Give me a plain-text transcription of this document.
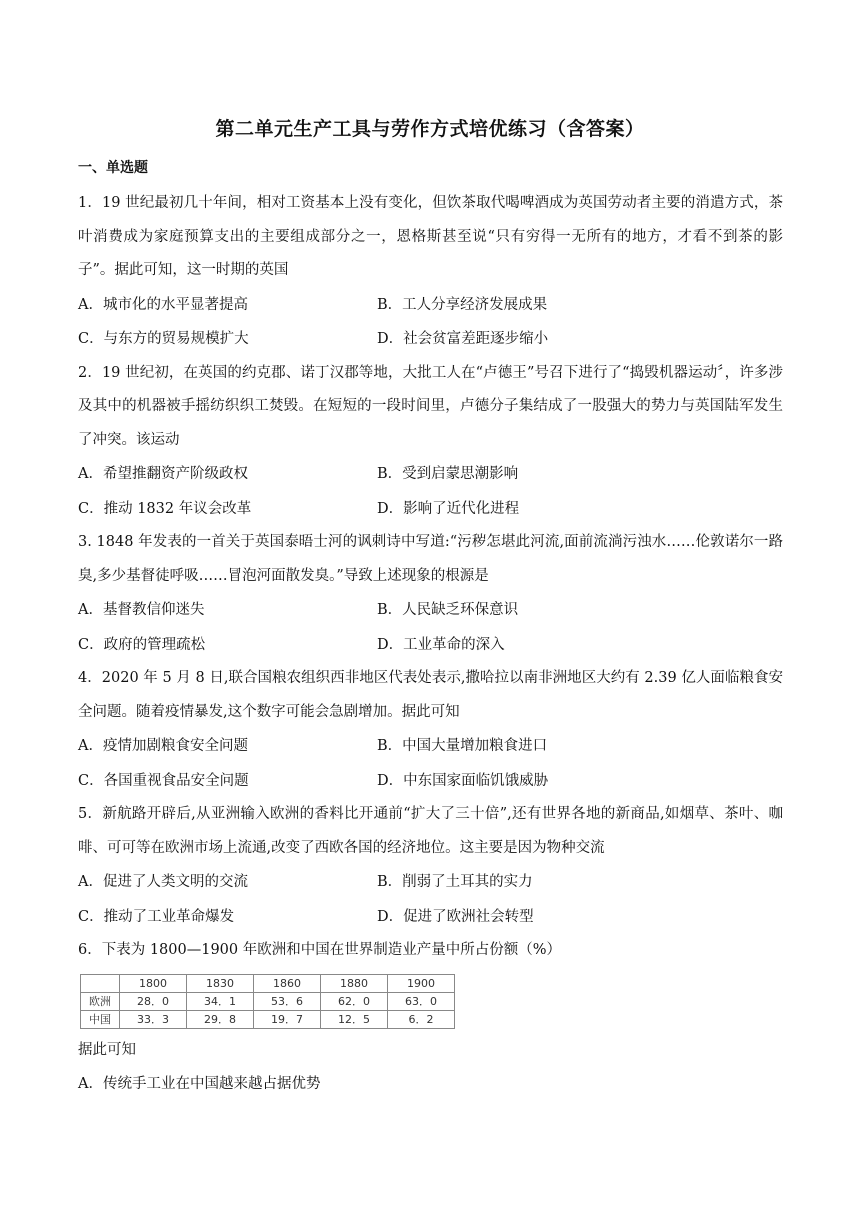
第二单元生产工具与劳作方式培优练习（含答案）
一、单选题
1．19 世纪最初几十年间，相对工资基本上没有变化，但饮茶取代喝啤酒成为英国劳动者主要的消遣方式，茶叶消费成为家庭预算支出的主要组成部分之一，恩格斯甚至说“只有穷得一无所有的地方，才看不到茶的影子”。据此可知，这一时期的英国
A．城市化的水平显著提高	B．工人分享经济发展成果
C．与东方的贸易规模扩大	D．社会贫富差距逐步缩小
2．19 世纪初，在英国的约克郡、诺丁汉郡等地，大批工人在“卢德王”号召下进行了“捣毁机器运动〞，许多涉及其中的机器被手摇纺织织工焚毁。在短短的一段时间里，卢德分子集结成了一股强大的势力与英国陆军发生了冲突。该运动
A．希望推翻资产阶级政权	B．受到启蒙思潮影响
C．推动 1832 年议会改革	D．影响了近代化进程
3. 1848 年发表的一首关于英国泰晤士河的讽刺诗中写道:“污秽怎堪此河流,面前流淌污浊水……伦敦诺尔一路臭,多少基督徒呼吸……冒泡河面散发臭。”导致上述现象的根源是
A．基督教信仰迷失	B．人民缺乏环保意识
C．政府的管理疏松	D．工业革命的深入
4．2020 年 5 月 8 日,联合国粮农组织西非地区代表处表示,撒哈拉以南非洲地区大约有 2.39 亿人面临粮食安全问题。随着疫情暴发,这个数字可能会急剧增加。据此可知
A．疫情加剧粮食安全问题	B．中国大量增加粮食进口
C．各国重视食品安全问题	D．中东国家面临饥饿威胁
5．新航路开辟后,从亚洲输入欧洲的香料比开通前“扩大了三十倍”,还有世界各地的新商品,如烟草、茶叶、咖啡、可可等在欧洲市场上流通,改变了西欧各国的经济地位。这主要是因为物种交流
A．促进了人类文明的交流	B．削弱了土耳其的实力
C．推动了工业革命爆发	D．促进了欧洲社会转型
6．下表为 1800—1900 年欧洲和中国在世界制造业产量中所占份额（%）
	1800	1830	1860	1880	1900
欧洲	28．0	34．1	53．6	62．0	63．0
中国	33．3	29．8	19．7	12．5	6．2
据此可知
A．传统手工业在中国越来越占据优势
